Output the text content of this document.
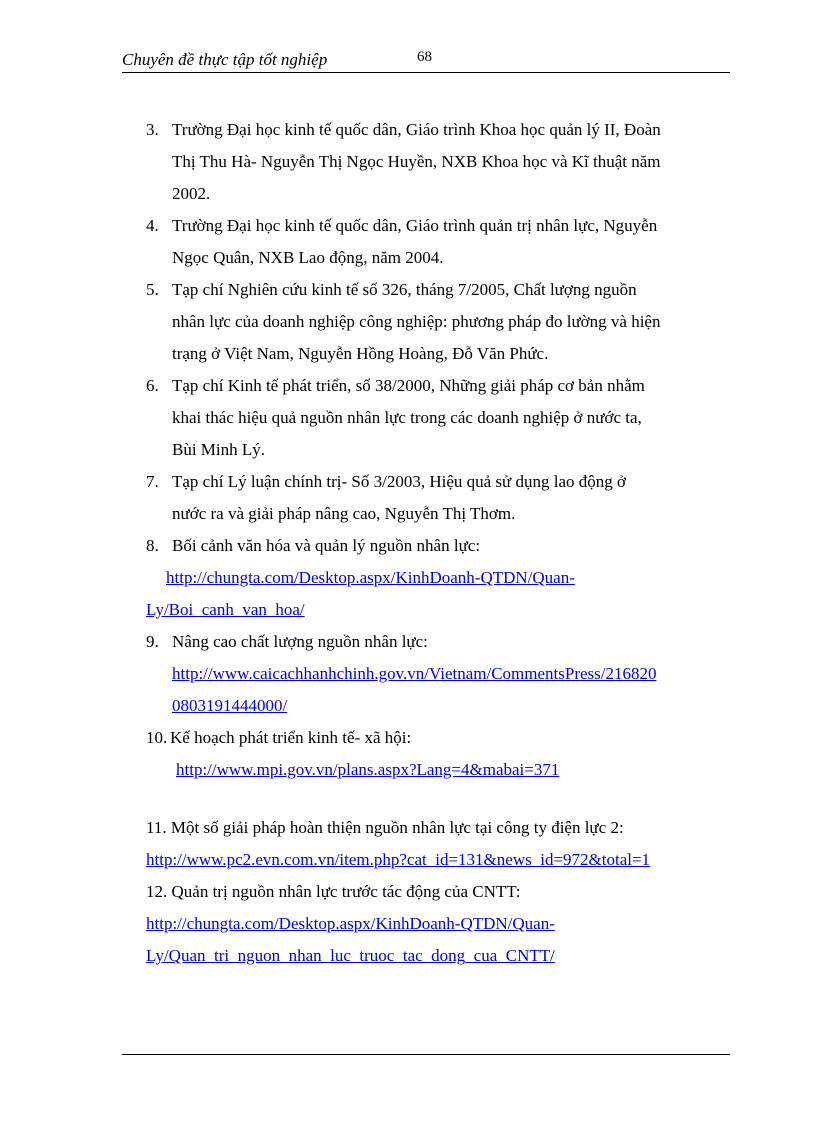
Chuyên đề thực tập tốt nghiệp	68
3. Trường Đại học kinh tế quốc dân, Giáo trình Khoa học quản lý II, Đoàn
Thị Thu Hà- Nguyễn Thị Ngọc Huyền, NXB Khoa học và Kĩ thuật năm
2002.
4. Trường Đại học kinh tế quốc dân, Giáo trình quản trị nhân lực, Nguyễn
Ngọc Quân, NXB Lao động, năm 2004.
5. Tạp chí Nghiên cứu kinh tế số 326, tháng 7/2005, Chất lượng nguồn
nhân lực của doanh nghiệp công nghiệp: phương pháp đo lường và hiện
trạng ở Việt Nam, Nguyễn Hồng Hoàng, Đỗ Văn Phức.
6. Tạp chí Kinh tế phát triển, số 38/2000, Những giải pháp cơ bản nhằm
khai thác hiệu quả nguồn nhân lực trong các doanh nghiệp ở nước ta,
Bùi Minh Lý.
7. Tạp chí Lý luận chính trị- Số 3/2003, Hiệu quả sử dụng lao động ở
nước ra và giải pháp nâng cao, Nguyễn Thị Thơm.
8. Bối cảnh văn hóa và quản lý nguồn nhân lực:
http://chungta.com/Desktop.aspx/KinhDoanh-QTDN/Quan-
Ly/Boi_canh_van_hoa/
9. Nâng cao chất lượng nguồn nhân lực:
http://www.caicachhanhchinh.gov.vn/Vietnam/CommentsPress/216820
0803191444000/
10. Kế hoạch phát triển kinh tế- xã hội:
http://www.mpi.gov.vn/plans.aspx?Lang=4&mabai=371
11. Một số giải pháp hoàn thiện nguồn nhân lực tại công ty điện lực 2:
http://www.pc2.evn.com.vn/item.php?cat_id=131&news_id=972&total=1
12. Quản trị nguồn nhân lực trước tác động của CNTT:
http://chungta.com/Desktop.aspx/KinhDoanh-QTDN/Quan-
Ly/Quan_tri_nguon_nhan_luc_truoc_tac_dong_cua_CNTT/
